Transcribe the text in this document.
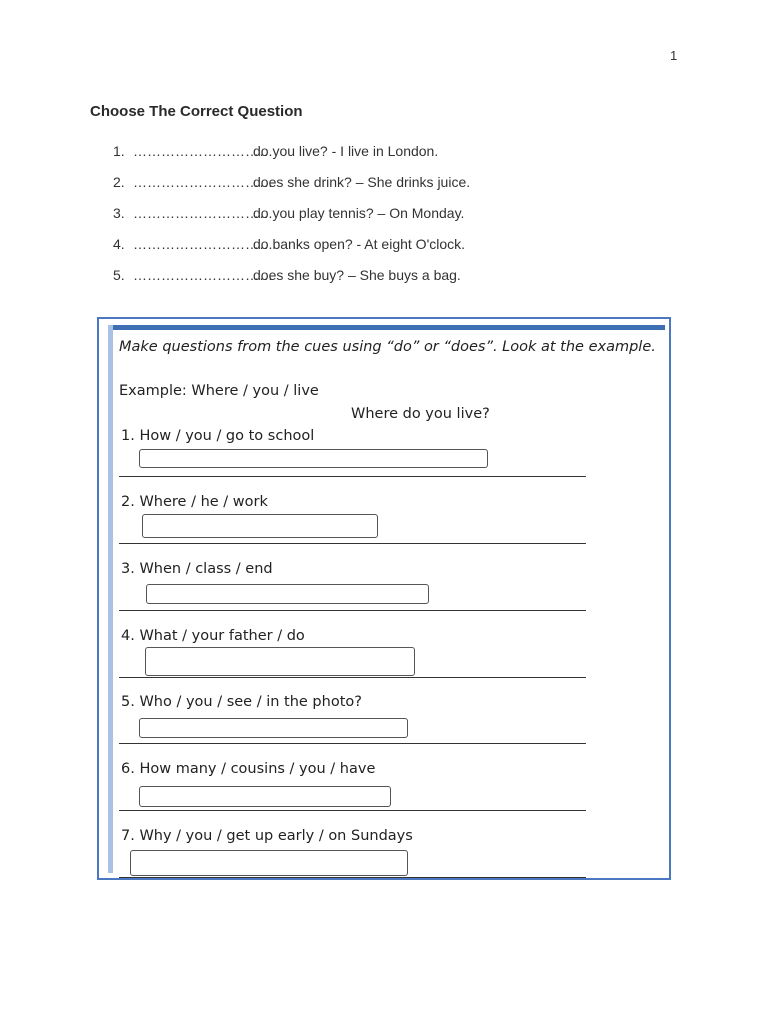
1
Choose The Correct Question
1. …………………………
do you live? - I live in London.
2. …………………………
does she drink? – She drinks juice.
3. …………………………
do you play tennis? – On Monday.
4. …………………………
do banks open? - At eight O'clock.
5. …………………………
does she buy? – She buys a bag.
Make questions from the cues using “do” or “does”. Look at the example.
Example: Where / you / live
Where do you live?
1. How / you / go to school
2. Where / he / work
3. When / class / end
4. What / your father / do
5. Who / you / see / in the photo?
6. How many / cousins / you / have
7. Why / you / get up early / on Sundays
